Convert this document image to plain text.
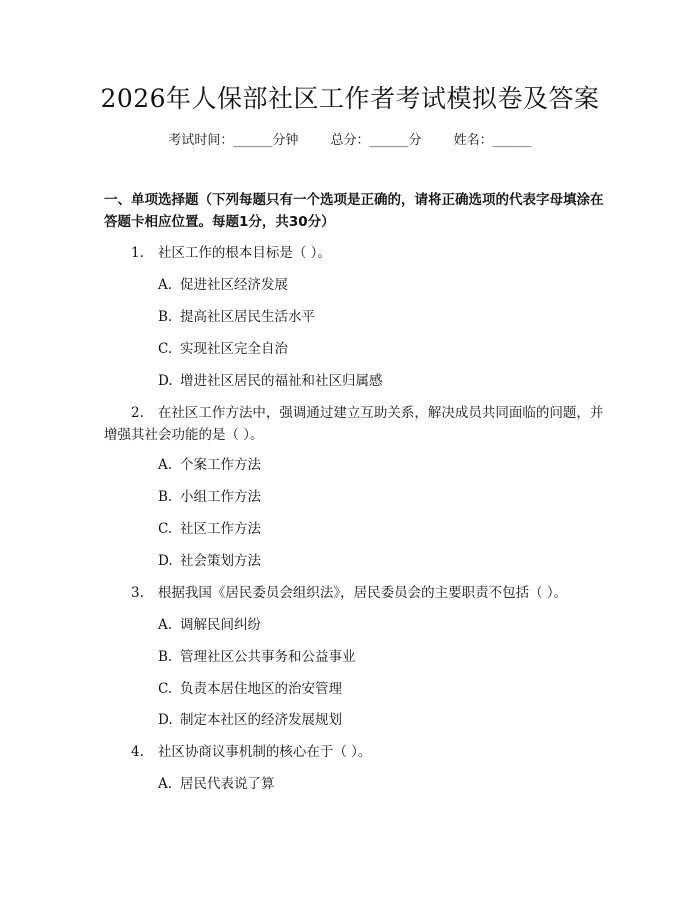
2026年人保部社区工作者考试模拟卷及答案
考试时间：______分钟 总分：______分 姓名：______
一、单项选择题（下列每题只有一个选项是正确的，请将正确选项的代表字母填涂在答题卡相应位置。每题1分，共30分）
1. 社区工作的根本目标是（ ）。
A. 促进社区经济发展
B. 提高社区居民生活水平
C. 实现社区完全自治
D. 增进社区居民的福祉和社区归属感
2. 在社区工作方法中，强调通过建立互助关系，解决成员共同面临的问题，并增强其社会功能的是（ ）。
A. 个案工作方法
B. 小组工作方法
C. 社区工作方法
D. 社会策划方法
3. 根据我国《居民委员会组织法》，居民委员会的主要职责不包括（ ）。
A. 调解民间纠纷
B. 管理社区公共事务和公益事业
C. 负责本居住地区的治安管理
D. 制定本社区的经济发展规划
4. 社区协商议事机制的核心在于（ ）。
A. 居民代表说了算
